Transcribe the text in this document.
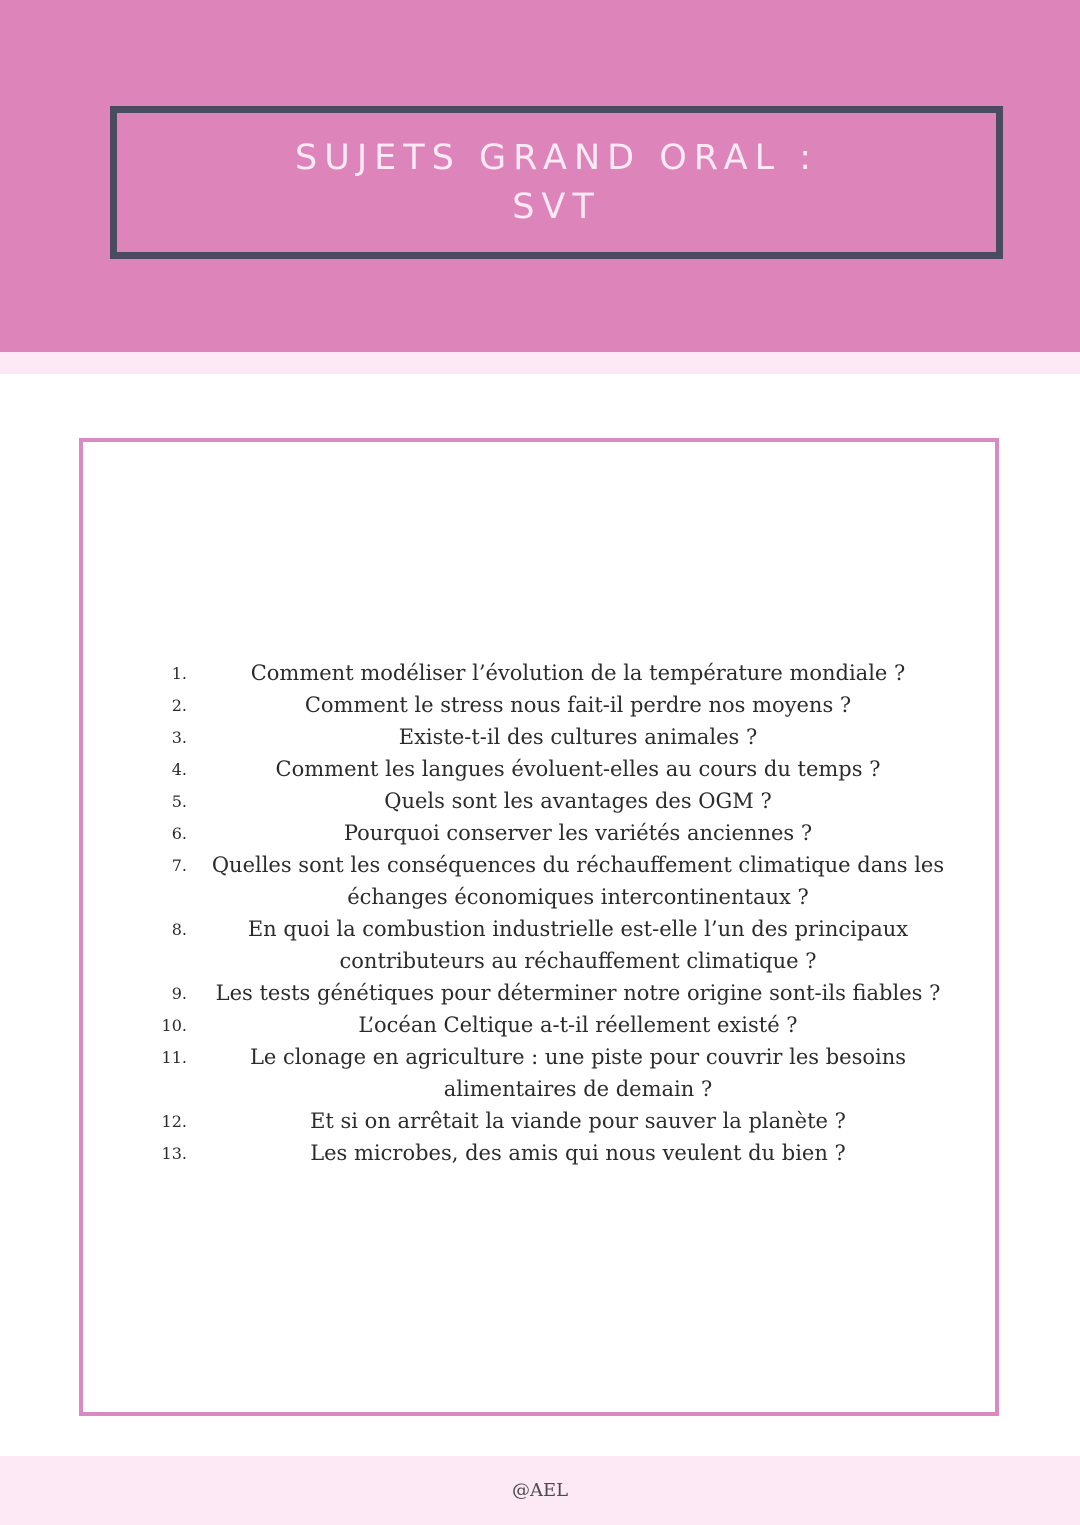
SUJETS GRAND ORAL :
SVT
1.	Comment modéliser l’évolution de la température mondiale ?
2.	Comment le stress nous fait-il perdre nos moyens ?
3.	Existe-t-il des cultures animales ?
4.	Comment les langues évoluent-elles au cours du temps ?
5.	Quels sont les avantages des OGM ?
6.	Pourquoi conserver les variétés anciennes ?
7.	Quelles sont les conséquences du réchauffement climatique dans les échanges économiques intercontinentaux ?
8.	En quoi la combustion industrielle est-elle l’un des principaux contributeurs au réchauffement climatique ?
9.	Les tests génétiques pour déterminer notre origine sont-ils fiables ?
10.	L’océan Celtique a-t-il réellement existé ?
11.	Le clonage en agriculture : une piste pour couvrir les besoins alimentaires de demain ?
12.	Et si on arrêtait la viande pour sauver la planète ?
13.	Les microbes, des amis qui nous veulent du bien ?
@AEL
